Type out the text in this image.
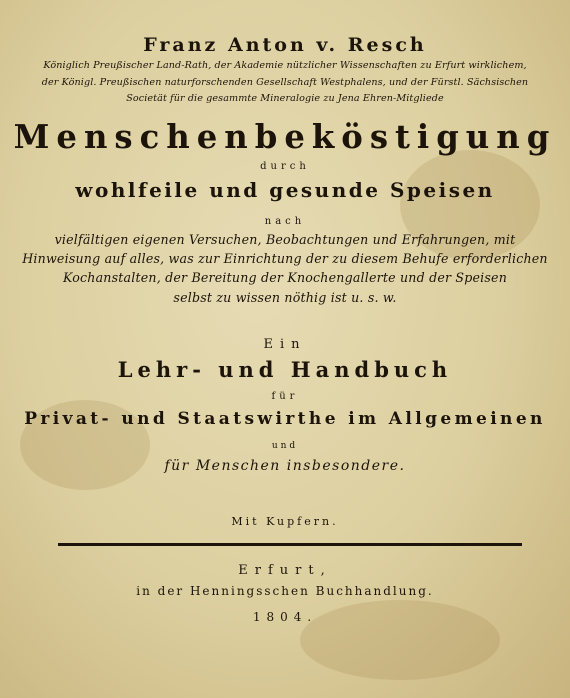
Franz Anton v. Resch
Königlich Preußischer Land-Rath, der Akademie nützlicher Wissenschaften zu Erfurt wirklichem,
der Königl. Preußischen naturforschenden Gesellschaft Westphalens, und der Fürstl. Sächsischen
Societät für die gesammte Mineralogie zu Jena Ehren-Mitgliede
Menschenbeköstigung
durch
wohlfeile und gesunde Speisen
nach
vielfältigen eigenen Versuchen, Beobachtungen und Erfahrungen, mit
Hinweisung auf alles, was zur Einrichtung der zu diesem Behufe erforderlichen
Kochanstalten, der Bereitung der Knochengallerte und der Speisen
selbst zu wissen nöthig ist u. s. w.
Ein
Lehr- und Handbuch
für
Privat- und Staatswirthe im Allgemeinen
und
für Menschen insbesondere.
Mit Kupfern.
Erfurt,
in der Henningsschen Buchhandlung.
1804.
